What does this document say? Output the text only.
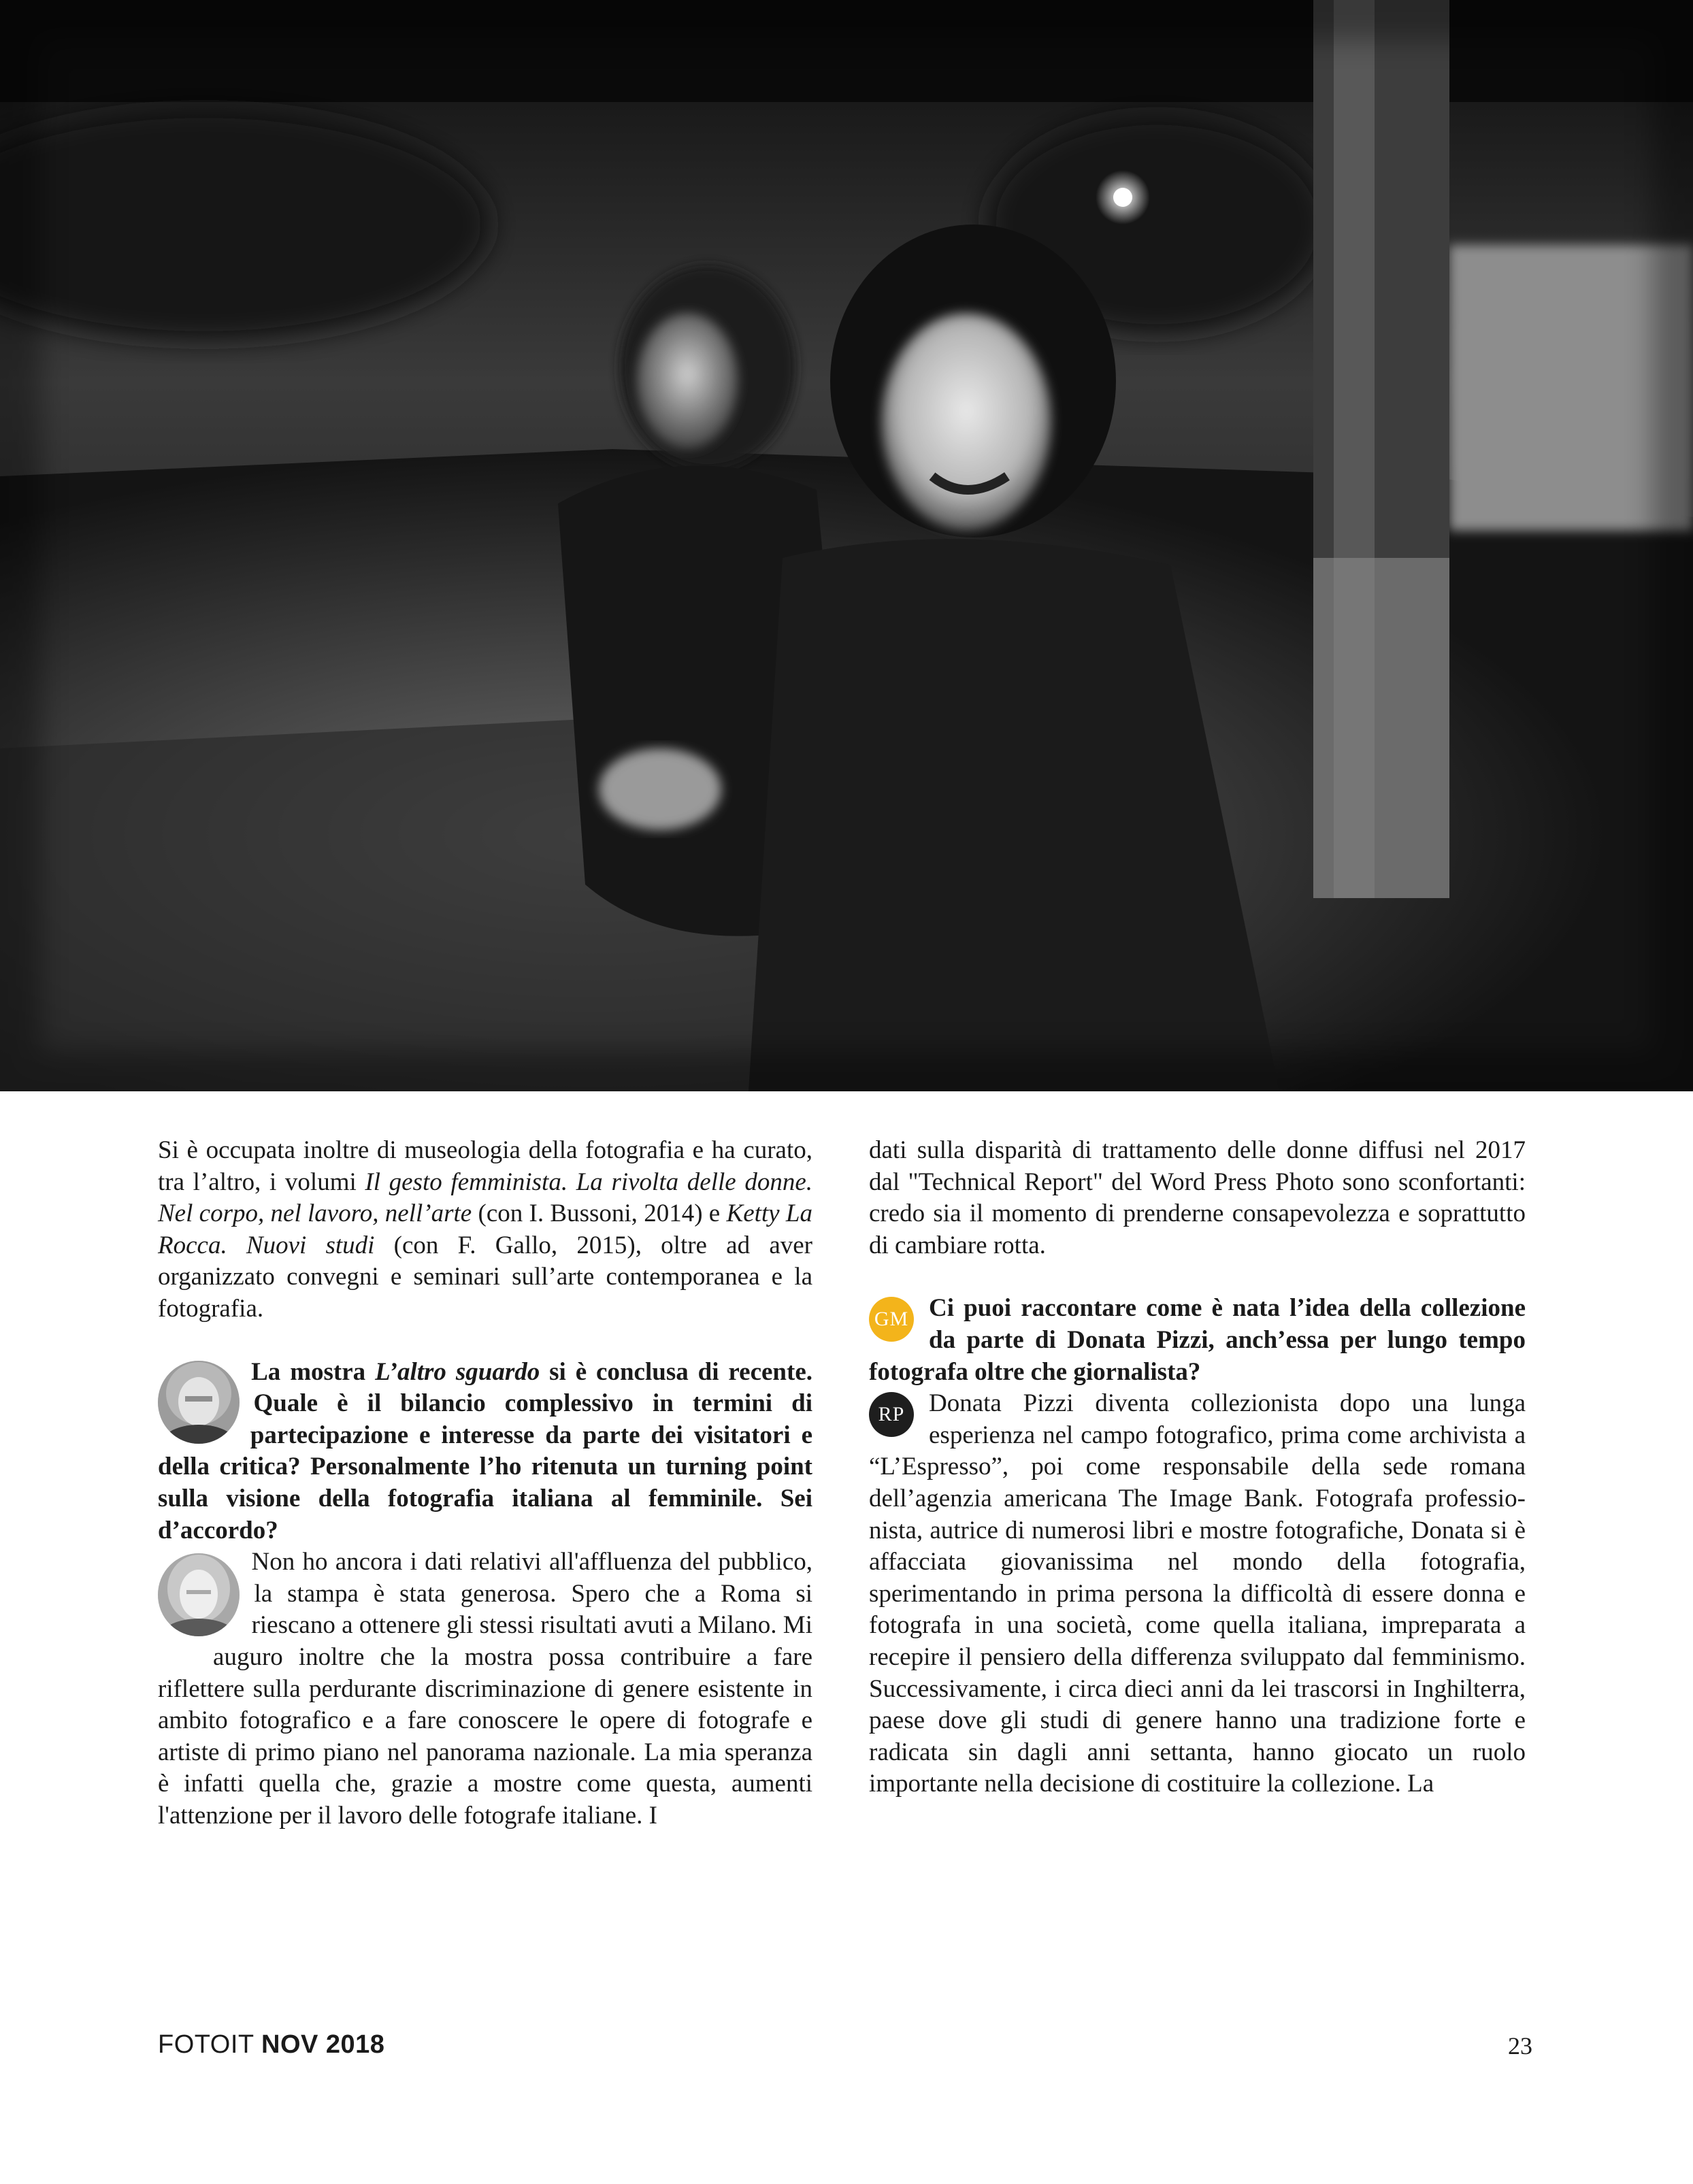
Si è occupata inoltre di museologia della fotografia e ha curato, tra l’altro, i volumi Il gesto femminista. La rivolta delle donne. Nel corpo, nel lavoro, nell’arte (con I. Bussoni, 2014) e Ketty La Rocca. Nuovi studi (con F. Gallo, 2015), oltre ad aver organizzato convegni e seminari sull’arte contemporanea e la fotografia.

La mostra L’altro sguardo si è conclusa di recente. Quale è il bilancio complessivo in termini di partecipazione e interesse da parte dei visitatori e della critica? Personalmente l’ho ritenuta un turning point sulla visione della fotografia italiana al femminile. Sei d’accordo?

Non ho ancora i dati relativi all'affluenza del pubblico, la stampa è stata generosa. Spero che a Roma si riescano a ottenere gli stessi risultati avuti a Milano. Mi auguro inoltre che la mostra possa contribuire a fare riflettere sulla perdurante discriminazione di genere esistente in ambito fotografico e a fare conoscere le opere di fotografe e artiste di primo piano nel panorama nazionale. La mia speranza è infatti quella che, grazie a mostre come questa, aumenti l'attenzione per il lavoro delle fotografe italiane. I

dati sulla disparità di trattamento delle donne diffusi nel 2017 dal "Technical Report" del Word Press Photo sono sconfortanti: credo sia il momento di prenderne consapevolezza e soprattutto di cambiare rotta.

GM Ci puoi raccontare come è nata l’idea della collezione da parte di Donata Pizzi, anch’essa per lungo tempo fotografa oltre che giornalista?

RP Donata Pizzi diventa collezionista dopo una lunga esperienza nel campo fotografico, prima come archivista a “L’Espresso”, poi come responsabile della sede romana dell’agenzia americana The Image Bank. Fotografa professionista, autrice di numerosi libri e mostre fotografiche, Donata si è affacciata giovanissima nel mondo della fotografia, sperimentando in prima persona la difficoltà di essere donna e fotografa in una società, come quella italiana, impreparata a recepire il pensiero della differenza sviluppato dal femminismo. Successivamente, i circa dieci anni da lei trascorsi in Inghilterra, paese dove gli studi di genere hanno una tradizione forte e radicata sin dagli anni settanta, hanno giocato un ruolo importante nella decisione di costituire la collezione. La

FOTOIT NOV 2018	23
